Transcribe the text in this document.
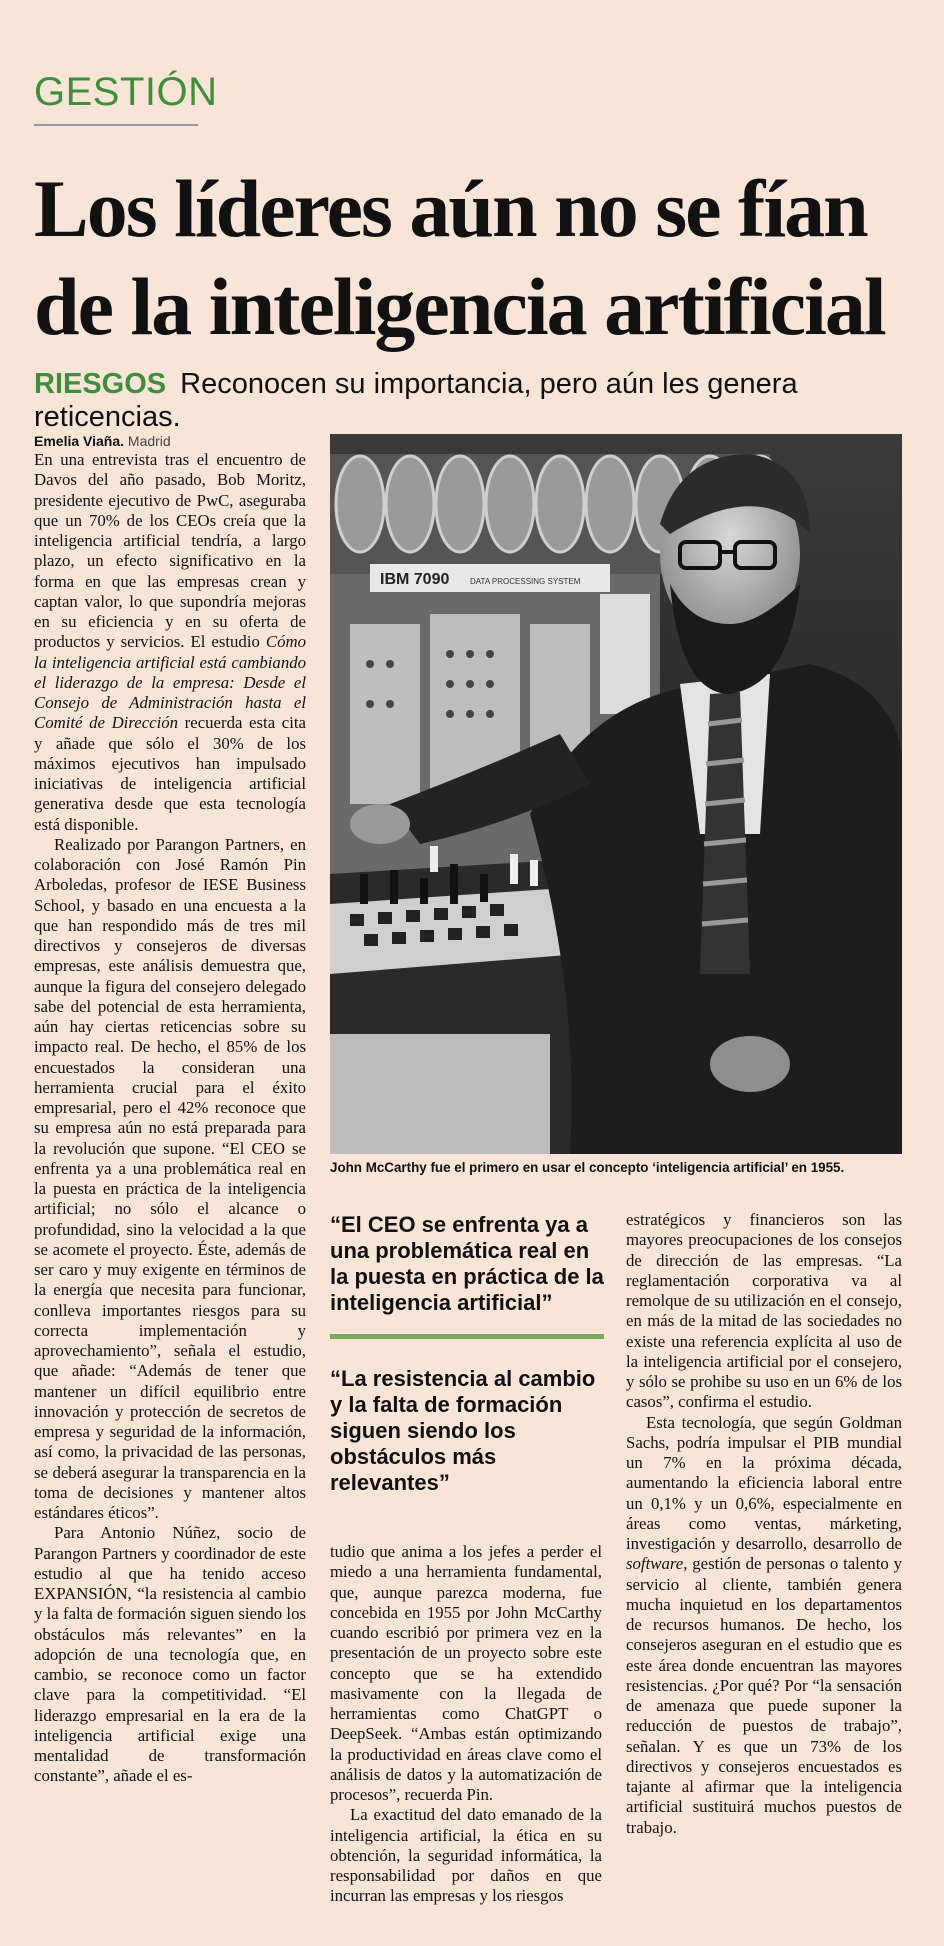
GESTIÓN
Los líderes aún no se fían de la inteligencia artificial
RIESGOS Reconocen su importancia, pero aún les genera reticencias.
Emelia Viaña. Madrid

En una entrevista tras el encuentro de Davos del año pasado, Bob Moritz, presidente ejecutivo de PwC, aseguraba que un 70% de los CEOs creía que la inteligencia artificial tendría, a largo plazo, un efecto significativo en la forma en que las empresas crean y captan valor, lo que supondría mejoras en su eficiencia y en su oferta de productos y servicios. El estudio Cómo la inteligencia artificial está cambiando el liderazgo de la empresa: Desde el Consejo de Administración hasta el Comité de Dirección recuerda esta cita y añade que sólo el 30% de los máximos ejecutivos han impulsado iniciativas de inteligencia artificial generativa desde que esta tecnología está disponible.

Realizado por Parangon Partners, en colaboración con José Ramón Pin Arboledas, profesor de IESE Business School, y basado en una encuesta a la que han respondido más de tres mil directivos y consejeros de diversas empresas, este análisis demuestra que, aunque la figura del consejero delegado sabe del potencial de esta herramienta, aún hay ciertas reticencias sobre su impacto real. De hecho, el 85% de los encuestados la consideran una herramienta crucial para el éxito empresarial, pero el 42% reconoce que su empresa aún no está preparada para la revolución que supone. “El CEO se enfrenta ya a una problemática real en la puesta en práctica de la inteligencia artificial; no sólo el alcance o profundidad, sino la velocidad a la que se acomete el proyecto. Éste, además de ser caro y muy exigente en términos de la energía que necesita para funcionar, conlleva importantes riesgos para su correcta implementación y aprovechamiento”, señala el estudio, que añade: “Además de tener que mantener un difícil equilibrio entre innovación y protección de secretos de empresa y seguridad de la información, así como, la privacidad de las personas, se deberá asegurar la transparencia en la toma de decisiones y mantener altos estándares éticos”.

Para Antonio Núñez, socio de Parangon Partners y coordinador de este estudio al que ha tenido acceso EXPANSIÓN, “la resistencia al cambio y la falta de formación siguen siendo los obstáculos más relevantes” en la adopción de una tecnología que, en cambio, se reconoce como un factor clave para la competitividad. “El liderazgo empresarial en la era de la inteligencia artificial exige una mentalidad de transformación constante”, añade el es-

IBM 7090	DATA PROCESSING SYSTEM
John McCarthy fue el primero en usar el concepto ‘inteligencia artificial’ en 1955.
“El CEO se enfrenta ya a una problemática real en la puesta en práctica de la inteligencia artificial”
“La resistencia al cambio y la falta de formación siguen siendo los obstáculos más relevantes”

tudio que anima a los jefes a perder el miedo a una herramienta fundamental, que, aunque parezca moderna, fue concebida en 1955 por John McCarthy cuando escribió por primera vez en la presentación de un proyecto sobre este concepto que se ha extendido masivamente con la llegada de herramientas como ChatGPT o DeepSeek. “Ambas están optimizando la productividad en áreas clave como el análisis de datos y la automatización de procesos”, recuerda Pin.

La exactitud del dato emanado de la inteligencia artificial, la ética en su obtención, la seguridad informática, la responsabilidad por daños en que incurran las empresas y los riesgos

estratégicos y financieros son las mayores preocupaciones de los consejos de dirección de las empresas. “La reglamentación corporativa va al remolque de su utilización en el consejo, en más de la mitad de las sociedades no existe una referencia explícita al uso de la inteligencia artificial por el consejero, y sólo se prohibe su uso en un 6% de los casos”, confirma el estudio.

Esta tecnología, que según Goldman Sachs, podría impulsar el PIB mundial un 7% en la próxima década, aumentando la eficiencia laboral entre un 0,1% y un 0,6%, especialmente en áreas como ventas, márketing, investigación y desarrollo, desarrollo de software, gestión de personas o talento y servicio al cliente, también genera mucha inquietud en los departamentos de recursos humanos. De hecho, los consejeros aseguran en el estudio que es este área donde encuentran las mayores resistencias. ¿Por qué? Por “la sensación de amenaza que puede suponer la reducción de puestos de trabajo”, señalan. Y es que un 73% de los directivos y consejeros encuestados es tajante al afirmar que la inteligencia artificial sustituirá muchos puestos de trabajo.
